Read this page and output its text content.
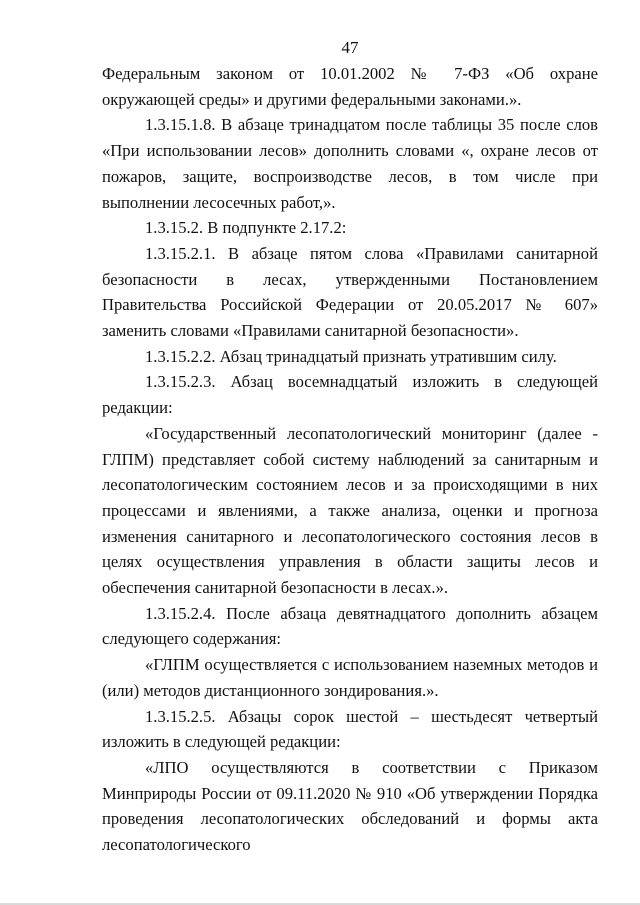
47

Федеральным законом от 10.01.2002 № 7-ФЗ «Об охране окружающей среды» и другими федеральными законами.».

1.3.15.1.8. В абзаце тринадцатом после таблицы 35 после слов «При использовании лесов» дополнить словами «, охране лесов от пожаров, защите, воспроизводстве лесов, в том числе при выполнении лесосечных работ,».

1.3.15.2. В подпункте 2.17.2:

1.3.15.2.1. В абзаце пятом слова «Правилами санитарной безопасности в лесах, утвержденными Постановлением Правительства Российской Федерации от 20.05.2017 № 607» заменить словами «Правилами санитарной безопасности».

1.3.15.2.2. Абзац тринадцатый признать утратившим силу.

1.3.15.2.3. Абзац восемнадцатый изложить в следующей редакции:

«Государственный лесопатологический мониторинг (далее - ГЛПМ) представляет собой систему наблюдений за санитарным и лесопатологическим состоянием лесов и за происходящими в них процессами и явлениями, а также анализа, оценки и прогноза изменения санитарного и лесопатологического состояния лесов в целях осуществления управления в области защиты лесов и обеспечения санитарной безопасности в лесах.».

1.3.15.2.4. После абзаца девятнадцатого дополнить абзацем следующего содержания:

«ГЛПМ осуществляется с использованием наземных методов и (или) методов дистанционного зондирования.».

1.3.15.2.5. Абзацы сорок шестой – шестьдесят четвертый изложить в следующей редакции:

«ЛПО осуществляются в соответствии с Приказом Минприроды России от 09.11.2020 № 910 «Об утверждении Порядка проведения лесопатологических обследований и формы акта лесопатологического
